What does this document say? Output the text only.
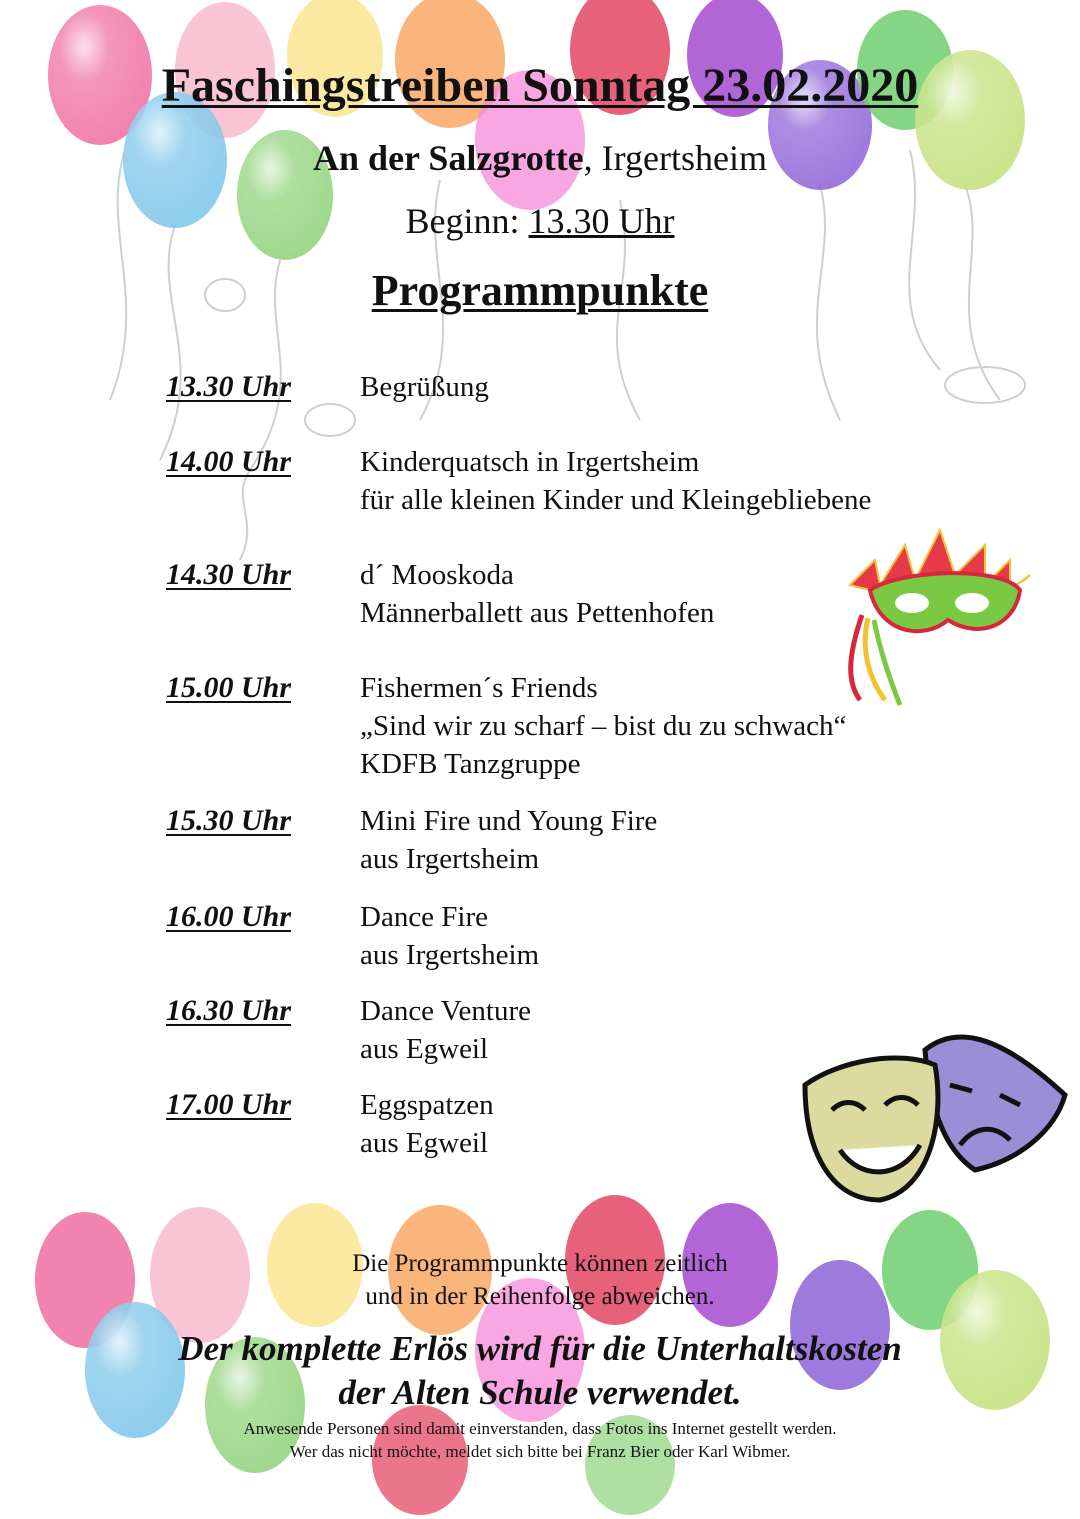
Faschingstreiben Sonntag 23.02.2020
An der Salzgrotte, Irgertsheim
Beginn: 13.30 Uhr
Programmpunkte
13.30 Uhr	Begrüßung
14.00 Uhr	Kinderquatsch in Irgertsheim
für alle kleinen Kinder und Kleingebliebene
14.30 Uhr	d´ Mooskoda
Männerballett aus Pettenhofen
15.00 Uhr	Fishermen´s Friends
„Sind wir zu scharf – bist du zu schwach“
KDFB Tanzgruppe
15.30 Uhr	Mini Fire und Young Fire
aus Irgertsheim
16.00 Uhr	Dance Fire
aus Irgertsheim
16.30 Uhr	Dance Venture
aus Egweil
17.00 Uhr	Eggspatzen
aus Egweil
Die Programmpunkte können zeitlich
und in der Reihenfolge abweichen.
Der komplette Erlös wird für die Unterhaltskosten
der Alten Schule verwendet.
Anwesende Personen sind damit einverstanden, dass Fotos ins Internet gestellt werden.
Wer das nicht möchte, meldet sich bitte bei Franz Bier oder Karl Wibmer.
